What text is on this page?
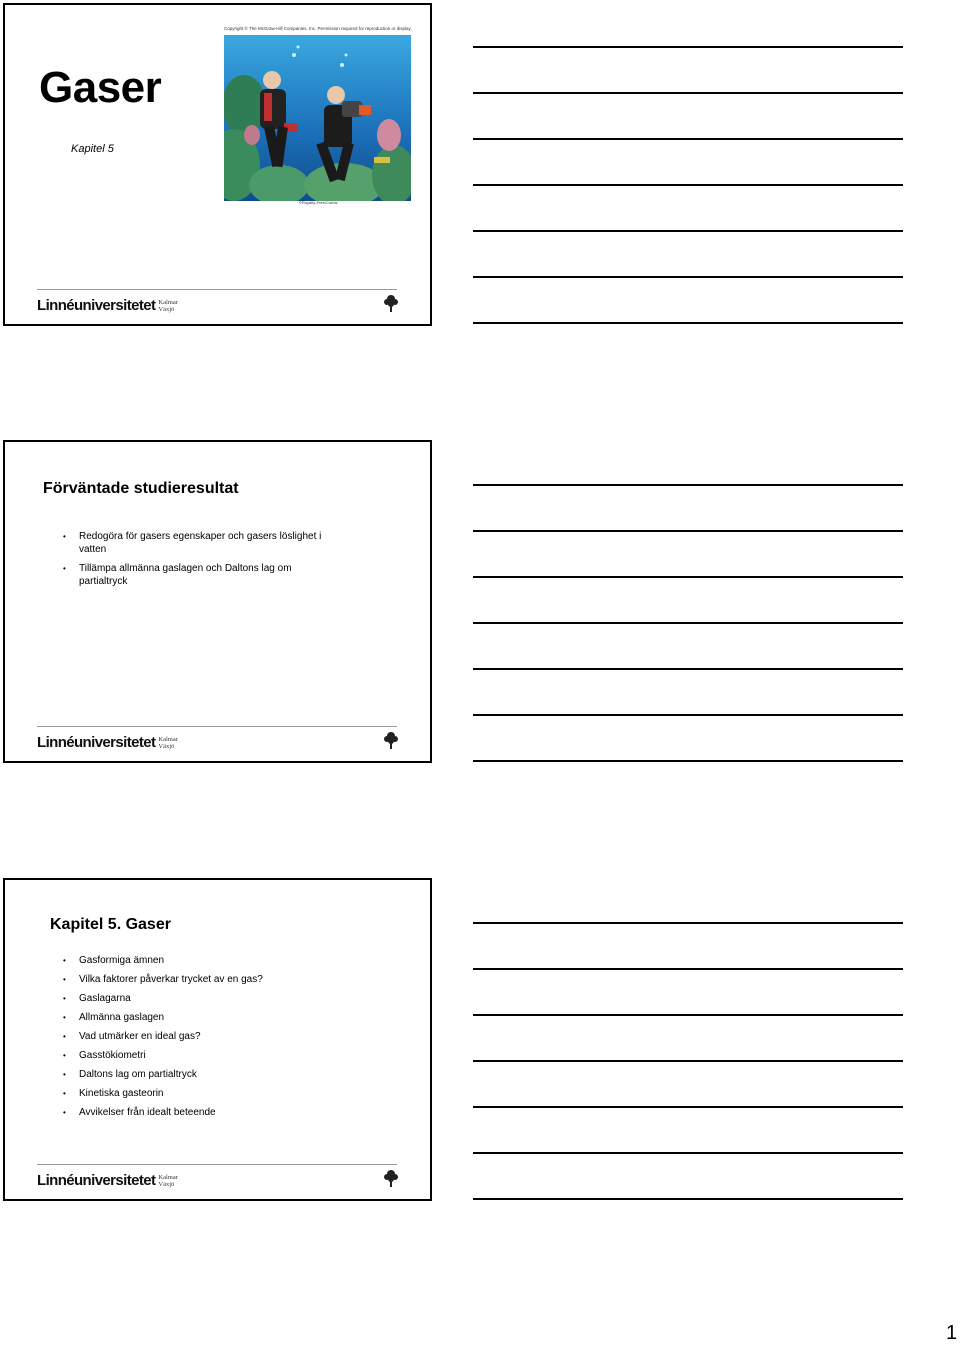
Gaser
Kapitel 5
Copyright © The McGraw-Hill Companies, Inc. Permission required for reproduction or display.
©Royalty-Free/Corbis
Linnéuniversitetet Kalmar
Växjö
Förväntade studieresultat
• Redogöra för gasers egenskaper och gasers löslighet i vatten
• Tillämpa allmänna gaslagen och Daltons lag om partialtryck
Linnéuniversitetet Kalmar
Växjö
Kapitel 5. Gaser
• Gasformiga ämnen
• Vilka faktorer påverkar trycket av en gas?
• Gaslagarna
• Allmänna gaslagen
• Vad utmärker en ideal gas?
• Gasstökiometri
• Daltons lag om partialtryck
• Kinetiska gasteorin
• Avvikelser från idealt beteende
Linnéuniversitetet Kalmar
Växjö
1
